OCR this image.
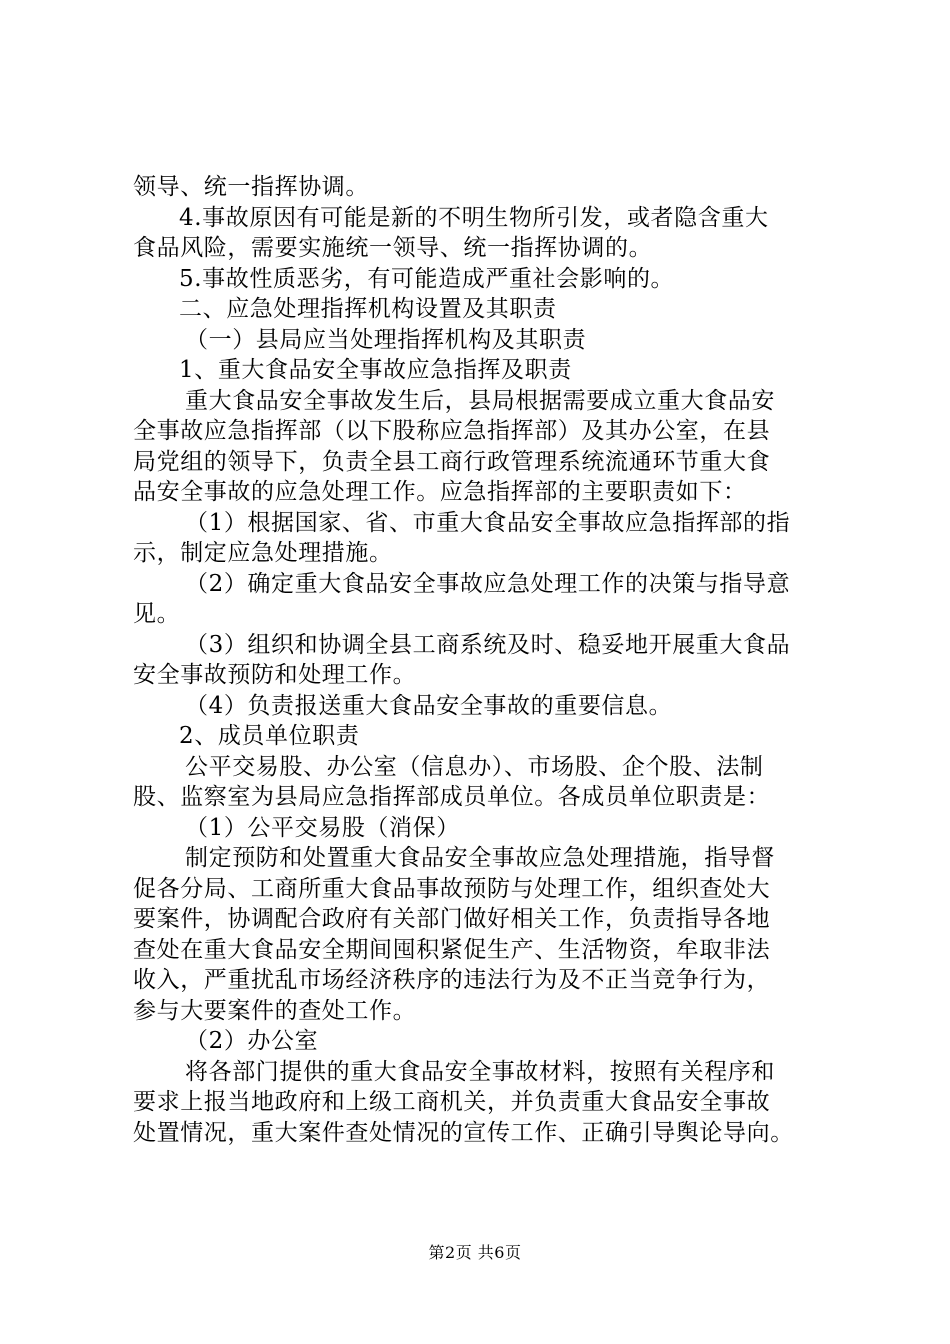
领导、统一指挥协调。
4.事故原因有可能是新的不明生物所引发，或者隐含重大
食品风险，需要实施统一领导、统一指挥协调的。
5.事故性质恶劣，有可能造成严重社会影响的。
二、应急处理指挥机构设置及其职责
（一）县局应当处理指挥机构及其职责
1、重大食品安全事故应急指挥及职责
重大食品安全事故发生后，县局根据需要成立重大食品安
全事故应急指挥部（以下股称应急指挥部）及其办公室，在县
局党组的领导下，负责全县工商行政管理系统流通环节重大食
品安全事故的应急处理工作。应急指挥部的主要职责如下：
（1）根据国家、省、市重大食品安全事故应急指挥部的指
示，制定应急处理措施。
（2）确定重大食品安全事故应急处理工作的决策与指导意
见。
（3）组织和协调全县工商系统及时、稳妥地开展重大食品
安全事故预防和处理工作。
（4）负责报送重大食品安全事故的重要信息。
2、成员单位职责
公平交易股、办公室（信息办）、市场股、企个股、法制
股、监察室为县局应急指挥部成员单位。各成员单位职责是：
（1）公平交易股（消保）
制定预防和处置重大食品安全事故应急处理措施，指导督
促各分局、工商所重大食品事故预防与处理工作，组织查处大
要案件，协调配合政府有关部门做好相关工作，负责指导各地
查处在重大食品安全期间囤积紧促生产、生活物资，牟取非法
收入，严重扰乱市场经济秩序的违法行为及不正当竞争行为，
参与大要案件的查处工作。
（2）办公室
将各部门提供的重大食品安全事故材料，按照有关程序和
要求上报当地政府和上级工商机关，并负责重大食品安全事故
处置情况，重大案件查处情况的宣传工作、正确引导舆论导向。
第2页 共6页
